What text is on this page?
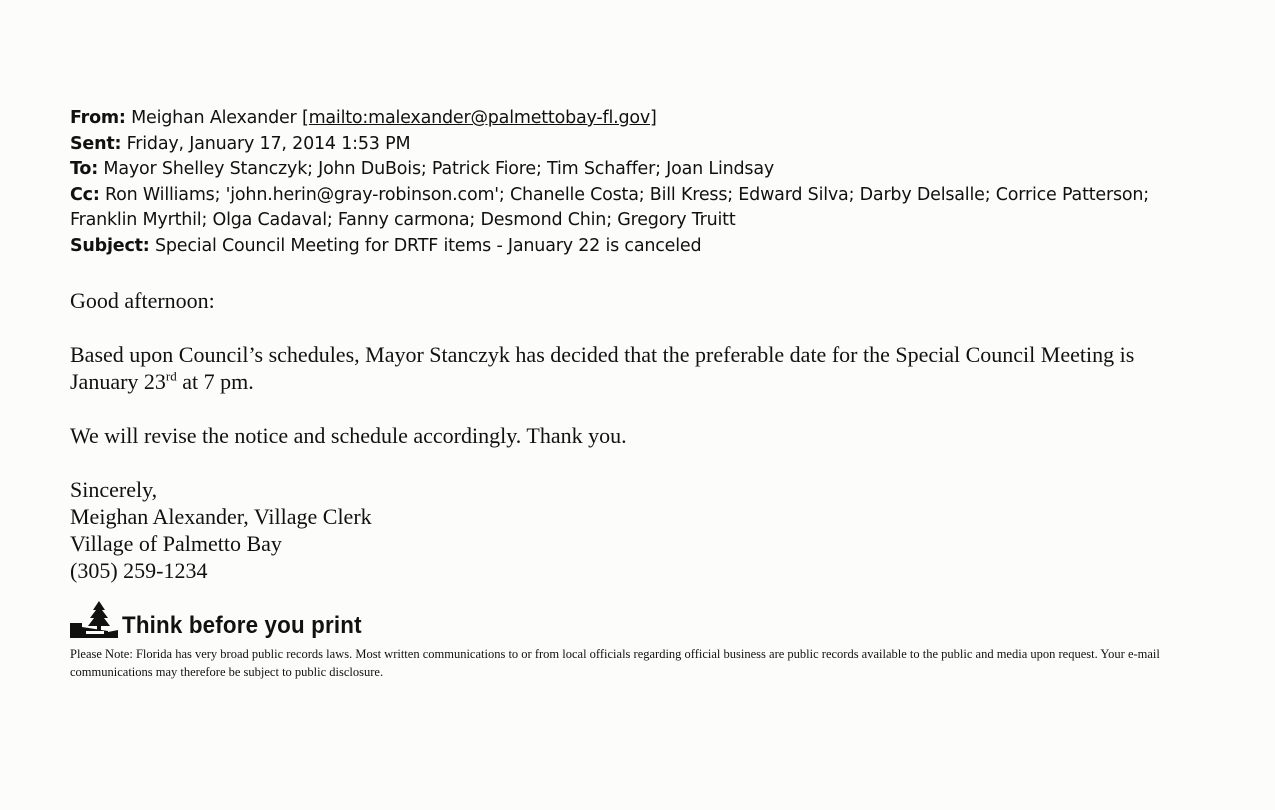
From: Meighan Alexander [mailto:malexander@palmettobay-fl.gov]
Sent: Friday, January 17, 2014 1:53 PM
To: Mayor Shelley Stanczyk; John DuBois; Patrick Fiore; Tim Schaffer; Joan Lindsay
Cc: Ron Williams; 'john.herin@gray-robinson.com'; Chanelle Costa; Bill Kress; Edward Silva; Darby Delsalle; Corrice Patterson; Franklin Myrthil; Olga Cadaval; Fanny carmona; Desmond Chin; Gregory Truitt
Subject: Special Council Meeting for DRTF items - January 22 is canceled

Good afternoon:

Based upon Council’s schedules, Mayor Stanczyk has decided that the preferable date for the Special Council Meeting is January 23rd at 7 pm.

We will revise the notice and schedule accordingly. Thank you.

Sincerely,
Meighan Alexander, Village Clerk
Village of Palmetto Bay
(305) 259-1234

Think before you print
Please Note: Florida has very broad public records laws. Most written communications to or from local officials regarding official business are public records available to the public and media upon request. Your e-mail communications may therefore be subject to public disclosure.
